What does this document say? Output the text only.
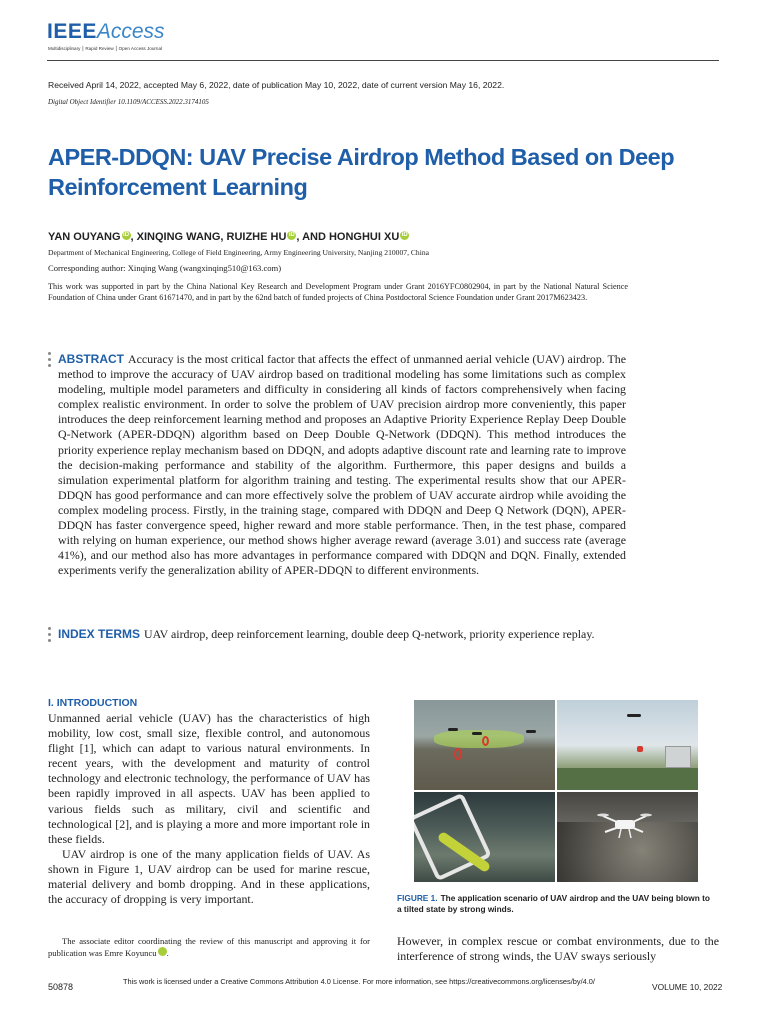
IEEEAccess
Multidisciplinary ⎮ Rapid Review ⎮ Open Access Journal
Received April 14, 2022, accepted May 6, 2022, date of publication May 10, 2022, date of current version May 16, 2022.
Digital Object Identifier 10.1109/ACCESS.2022.3174105
APER-DDQN: UAV Precise Airdrop Method Based on Deep Reinforcement Learning
YAN OUYANG iD , XINQING WANG, RUIZHE HU iD , AND HONGHUI XU iD
Department of Mechanical Engineering, College of Field Engineering, Army Engineering University, Nanjing 210007, China
Corresponding author: Xinqing Wang (wangxinqing510@163.com)
This work was supported in part by the China National Key Research and Development Program under Grant 2016YFC0802904, in part by the National Natural Science Foundation of China under Grant 61671470, and in part by the 62nd batch of funded projects of China Postdoctoral Science Foundation under Grant 2017M623423.
ABSTRACT Accuracy is the most critical factor that affects the effect of unmanned aerial vehicle (UAV) airdrop. The method to improve the accuracy of UAV airdrop based on traditional modeling has some limitations such as complex modeling, multiple model parameters and difficulty in considering all kinds of factors comprehensively when facing complex realistic environment. In order to solve the problem of UAV precision airdrop more conveniently, this paper introduces the deep reinforcement learning method and proposes an Adaptive Priority Experience Replay Deep Double Q-Network (APER-DDQN) algorithm based on Deep Double Q-Network (DDQN). This method introduces the priority experience replay mechanism based on DDQN, and adopts adaptive discount rate and learning rate to improve the decision-making performance and stability of the algorithm. Furthermore, this paper designs and builds a simulation experimental platform for algorithm training and testing. The experimental results show that our APER-DDQN has good performance and can more effectively solve the problem of UAV accurate airdrop while avoiding the complex modeling process. Firstly, in the training stage, compared with DDQN and Deep Q Network (DQN), APER-DDQN has faster convergence speed, higher reward and more stable performance. Then, in the test phase, compared with relying on human experience, our method shows higher average reward (average 3.01) and success rate (average 41%), and our method also has more advantages in performance compared with DDQN and DQN. Finally, extended experiments verify the generalization ability of APER-DDQN to different environments.
INDEX TERMS UAV airdrop, deep reinforcement learning, double deep Q-network, priority experience replay.
I. INTRODUCTION

Unmanned aerial vehicle (UAV) has the characteristics of high mobility, low cost, small size, flexible control, and autonomous flight [1], which can adapt to various natural environments. In recent years, with the development and maturity of control technology and electronic technology, the performance of UAV has been rapidly improved in all aspects. UAV has been applied to various fields such as military, civil and scientific and technological [2], and is playing a more and more important role in these fields.

UAV airdrop is one of the many application fields of UAV. As shown in Figure 1, UAV airdrop can be used for marine rescue, material delivery and bomb dropping. And in these applications, the accuracy of dropping is very important.	FIGURE 1. The application scenario of UAV airdrop and the UAV being blown to a tilted state by strong winds.
The associate editor coordinating the review of this manuscript and approving it for publication was Emre Koyuncu	iD.
However, in complex rescue or combat environments, due to the interference of strong winds, the UAV sways seriously
50878
This work is licensed under a Creative Commons Attribution 4.0 License. For more information, see https://creativecommons.org/licenses/by/4.0/
VOLUME 10, 2022
